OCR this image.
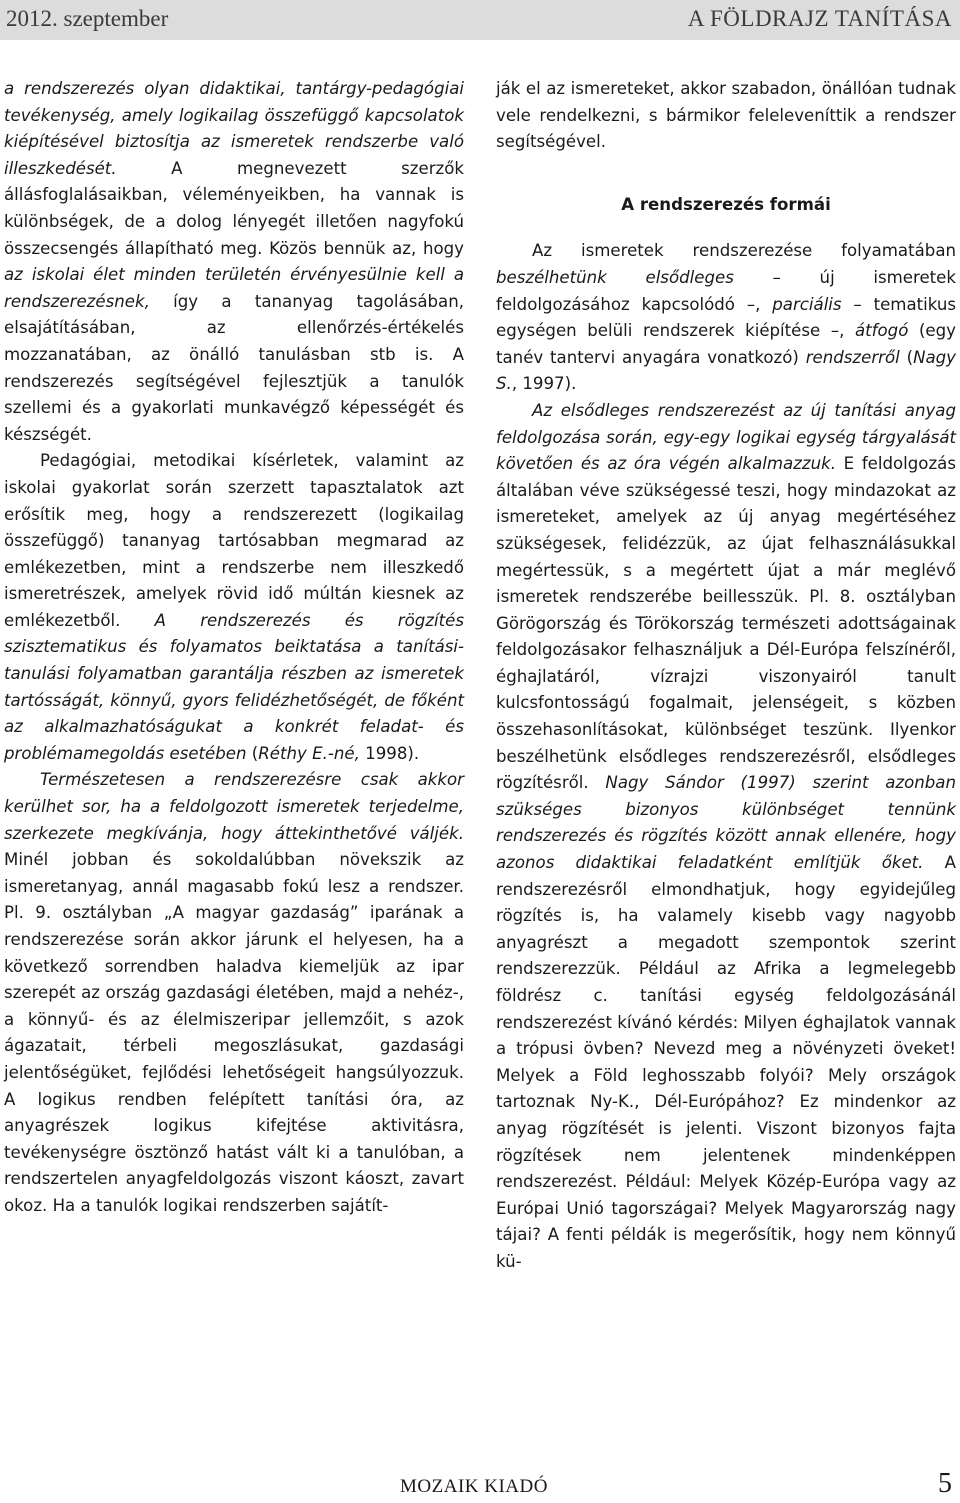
2012. szeptember	A FÖLDRAJZ TANÍTÁSA

a rendszerezés olyan didaktikai, tantárgy-pedagógiai tevékenység, amely logikailag összefüggő kapcsolatok kiépítésével biztosítja az ismeretek rendszerbe való illeszkedését. A megnevezett szerzők állásfoglalásaikban, véleményeikben, ha vannak is különbségek, de a dolog lényegét illetően nagyfokú összecsengés állapítható meg. Közös bennük az, hogy az iskolai élet minden területén érvényesülnie kell a rendszerezésnek, így a tananyag tagolásában, elsajátításában, az ellenőrzés-értékelés mozzanatában, az önálló tanulásban stb is. A rendszerezés segítségével fejlesztjük a tanulók szellemi és a gyakorlati munkavégző képességét és készségét.

Pedagógiai, metodikai kísérletek, valamint az iskolai gyakorlat során szerzett tapasztalatok azt erősítik meg, hogy a rendszerezett (logikailag összefüggő) tananyag tartósabban megmarad az emlékezetben, mint a rendszerbe nem illeszkedő ismeretrészek, amelyek rövid idő múltán kiesnek az emlékezetből. A rendszerezés és rögzítés szisztematikus és folyamatos beiktatása a tanítási-tanulási folyamatban garantálja részben az ismeretek tartósságát, könnyű, gyors felidézhetőségét, de főként az alkalmazhatóságukat a konkrét feladat- és problémamegoldás esetében (Réthy E.-né, 1998).

Természetesen a rendszerezésre csak akkor kerülhet sor, ha a feldolgozott ismeretek terjedelme, szerkezete megkívánja, hogy áttekinthetővé váljék. Minél jobban és sokoldalúbban növekszik az ismeretanyag, annál magasabb fokú lesz a rendszer. Pl. 9. osztályban „A magyar gazdaság” iparának a rendszerezése során akkor járunk el helyesen, ha a következő sorrendben haladva kiemeljük az ipar szerepét az ország gazdasági életében, majd a nehéz-, a könnyű- és az élelmiszeripar jellemzőit, s azok ágazatait, térbeli megoszlásukat, gazdasági jelentőségüket, fejlődési lehetőségeit hangsúlyozzuk. A logikus rendben felépített tanítási óra, az anyagrészek logikus kifejtése aktivitásra, tevékenységre ösztönző hatást vált ki a tanulóban, a rendszertelen anyagfeldolgozás viszont káoszt, zavart okoz. Ha a tanulók logikai rendszerben sajátít-

ják el az ismereteket, akkor szabadon, önállóan tudnak vele rendelkezni, s bármikor feleleveníttik a rendszer segítségével.

A rendszerezés formái

Az ismeretek rendszerezése folyamatában beszélhetünk elsődleges – új ismeretek feldolgozásához kapcsolódó –, parciális – tematikus egységen belüli rendszerek kiépítése –, átfogó (egy tanév tantervi anyagára vonatkozó) rendszerről (Nagy S., 1997).

Az elsődleges rendszerezést az új tanítási anyag feldolgozása során, egy-egy logikai egység tárgyalását követően és az óra végén alkalmazzuk. E feldolgozás általában véve szükségessé teszi, hogy mindazokat az ismereteket, amelyek az új anyag megértéséhez szükségesek, felidézzük, az újat felhasználásukkal megértessük, s a megértett újat a már meglévő ismeretek rendszerébe beillesszük. Pl. 8. osztályban Görögország és Törökország természeti adottságainak feldolgozásakor felhasználjuk a Dél-Európa felszínéről, éghajlatáról, vízrajzi viszonyairól tanult kulcsfontosságú fogalmait, jelenségeit, s közben összehasonlításokat, különbséget teszünk. Ilyenkor beszélhetünk elsődleges rendszerezésről, elsődleges rögzítésről. Nagy Sándor (1997) szerint azonban szükséges bizonyos különbséget tennünk rendszerezés és rögzítés között annak ellenére, hogy azonos didaktikai feladatként említjük őket. A rendszerezésről elmondhatjuk, hogy egyidejűleg rögzítés is, ha valamely kisebb vagy nagyobb anyagrészt a megadott szempontok szerint rendszerezzük. Például az Afrika a legmelegebb földrész c. tanítási egység feldolgozásánál rendszerezést kívánó kérdés: Milyen éghajlatok vannak a trópusi övben? Nevezd meg a növényzeti öveket! Melyek a Föld leghosszabb folyói? Mely országok tartoznak Ny-K., Dél-Európához? Ez mindenkor az anyag rögzítését is jelenti. Viszont bizonyos fajta rögzítések nem jelentenek mindenképpen rendszerezést. Például: Melyek Közép-Európa vagy az Európai Unió tagországai? Melyek Magyarország nagy tájai? A fenti példák is megerősítik, hogy nem könnyű kü-

MOZAIK KIADÓ	5
